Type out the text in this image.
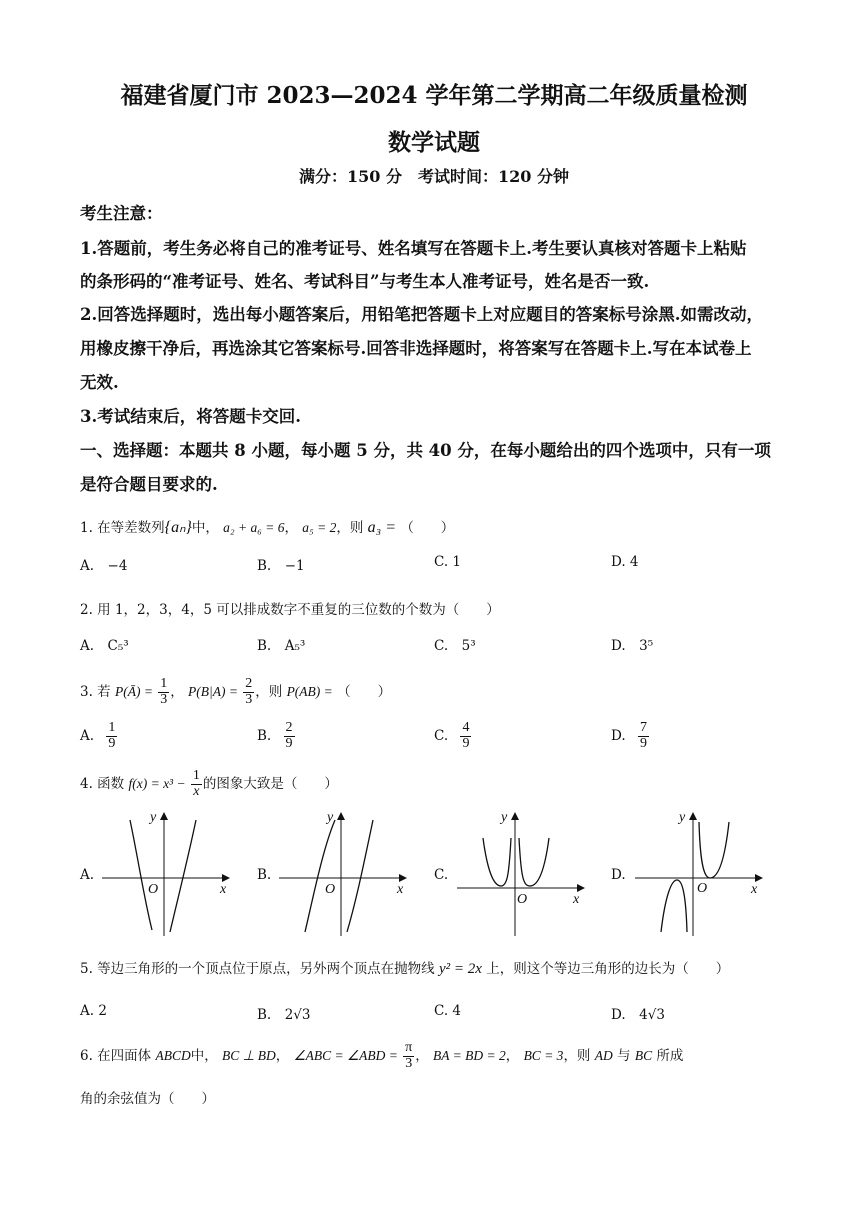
福建省厦门市 2023—2024 学年第二学期高二年级质量检测
数学试题
满分：150 分　考试时间：120 分钟
考生注意：
1.答题前，考生务必将自己的准考证号、姓名填写在答题卡上.考生要认真核对答题卡上粘贴
的条形码的“准考证号、姓名、考试科目”与考生本人准考证号，姓名是否一致.
2.回答选择题时，选出每小题答案后，用铅笔把答题卡上对应题目的答案标号涂黑.如需改动，
用橡皮擦干净后，再选涂其它答案标号.回答非选择题时，将答案写在答题卡上.写在本试卷上
无效.
3.考试结束后，将答题卡交回.
一、选择题：本题共 8 小题，每小题 5 分，共 40 分，在每小题给出的四个选项中，只有一项
是符合题目要求的.
1. 在等差数列{aₙ}中， a₂ + a₆ = 6， a₅ = 2，则 a₃ = （　　）
A.　−4	B.　−1	C. 1	D. 4
2. 用 1，2，3，4，5 可以排成数字不重复的三位数的个数为（　　）
A.　C₅³	B.　A₅³	C.　5³	D.　3⁵
3. 若 P(Ā) = $\frac{1}{3}$ ， $P(B|A) = \frac{2}{3}$ ，则 P(AB) = （　　）
A. $\frac{1}{9}$	B. $\frac{2}{9}$	C. $\frac{4}{9}$	D. $\frac{7}{9}$
4. 函数 $f(x) = x^3 - \frac{1}{x}$ 的图象大致是（　　）
A.	B.	C.	D.
x
y
O	x
y
O
x
y
O
x
y
O
5. 等边三角形的一个顶点位于原点，另外两个顶点在抛物线 y² = 2x 上，则这个等边三角形的边长为（　　）
A. 2	B.　2√3	C. 4	D.　4√3
6. 在四面体 ABCD中， BC ⊥ BD， ∠ABC = ∠ABD = $\frac{\pi}{3}$ ， BA = BD = 2， BC = 3，则 AD 与 BC 所成
角的余弦值为（　　）
